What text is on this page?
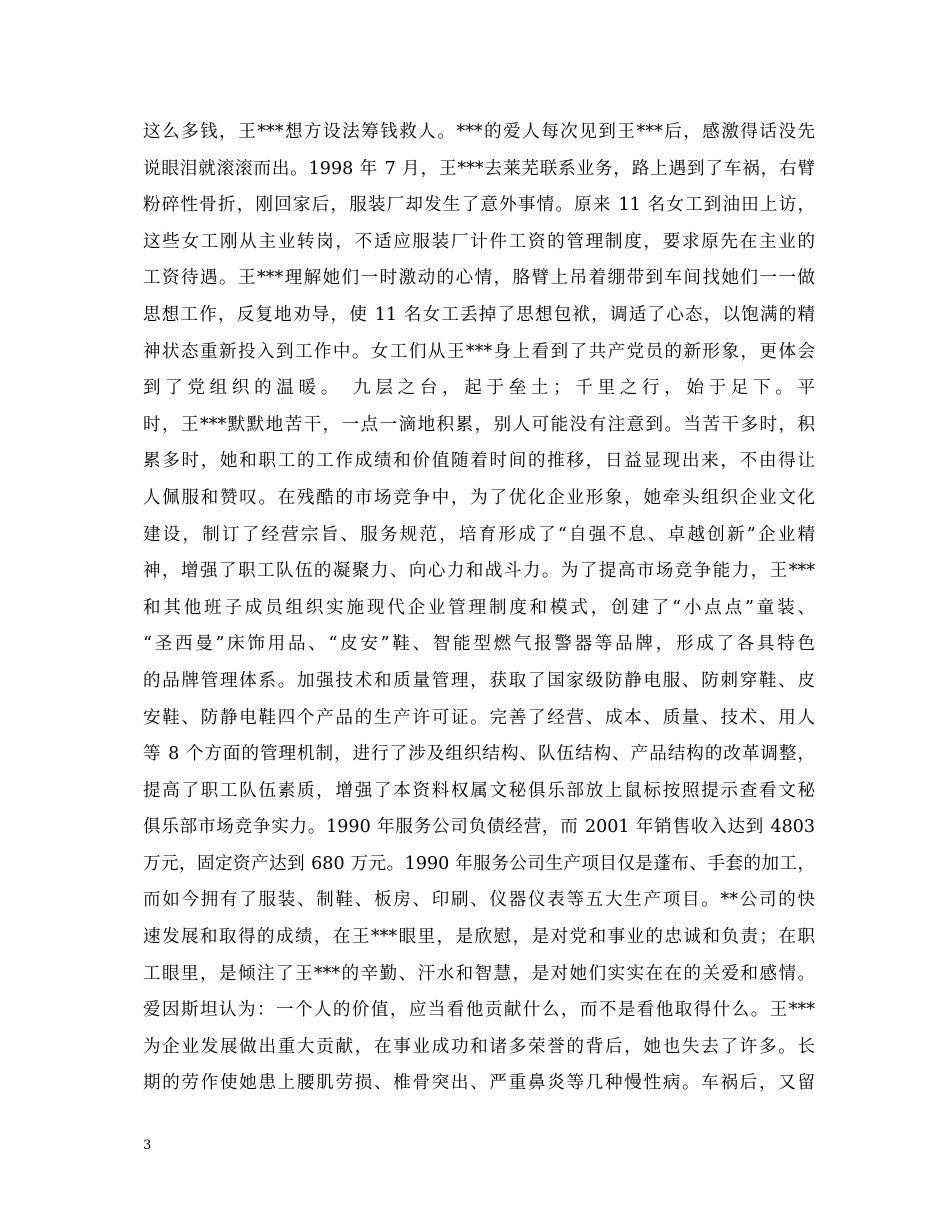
这么多钱，王***想方设法筹钱救人。***的爱人每次见到王***后，感激得话没先
说眼泪就滚滚而出。1998 年 7 月，王***去莱芜联系业务，路上遇到了车祸，右臂
粉碎性骨折，刚回家后，服装厂却发生了意外事情。原来 11 名女工到油田上访，
这些女工刚从主业转岗，不适应服装厂计件工资的管理制度，要求原先在主业的
工资待遇。王***理解她们一时激动的心情，胳臂上吊着绷带到车间找她们一一做
思想工作，反复地劝导，使 11 名女工丢掉了思想包袱，调适了心态，以饱满的精
神状态重新投入到工作中。女工们从王***身上看到了共产党员的新形象，更体会
到了党组织的温暖。 九层之台，起于垒土；千里之行，始于足下。平
时，王***默默地苦干，一点一滴地积累，别人可能没有注意到。当苦干多时，积
累多时，她和职工的工作成绩和价值随着时间的推移，日益显现出来，不由得让
人佩服和赞叹。在残酷的市场竞争中，为了优化企业形象，她牵头组织企业文化
建设，制订了经营宗旨、服务规范，培育形成了“自强不息、卓越创新”企业精
神，增强了职工队伍的凝聚力、向心力和战斗力。为了提高市场竞争能力，王***
和其他班子成员组织实施现代企业管理制度和模式，创建了“小点点”童装、
“圣西曼”床饰用品、“皮安”鞋、智能型燃气报警器等品牌，形成了各具特色
的品牌管理体系。加强技术和质量管理，获取了国家级防静电服、防刺穿鞋、皮
安鞋、防静电鞋四个产品的生产许可证。完善了经营、成本、质量、技术、用人
等 8 个方面的管理机制，进行了涉及组织结构、队伍结构、产品结构的改革调整，
提高了职工队伍素质，增强了本资料权属文秘俱乐部放上鼠标按照提示查看文秘
俱乐部市场竞争实力。1990 年服务公司负债经营，而 2001 年销售收入达到 4803
万元，固定资产达到 680 万元。1990 年服务公司生产项目仅是蓬布、手套的加工，
而如今拥有了服装、制鞋、板房、印刷、仪器仪表等五大生产项目。**公司的快
速发展和取得的成绩，在王***眼里，是欣慰，是对党和事业的忠诚和负责；在职
工眼里，是倾注了王***的辛勤、汗水和智慧，是对她们实实在在的关爱和感情。
爱因斯坦认为：一个人的价值，应当看他贡献什么，而不是看他取得什么。王***
为企业发展做出重大贡献，在事业成功和诸多荣誉的背后，她也失去了许多。长
期的劳作使她患上腰肌劳损、椎骨突出、严重鼻炎等几种慢性病。车祸后，又留
3
